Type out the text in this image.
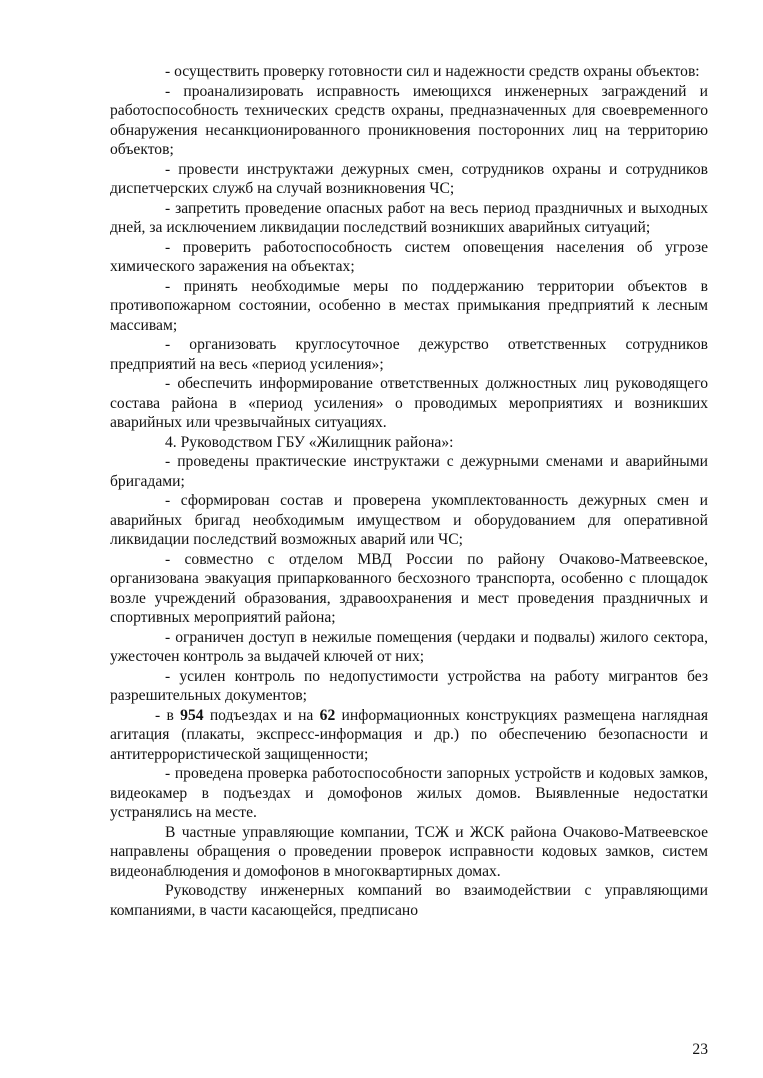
- осуществить проверку готовности сил и надежности средств охраны объектов:

- проанализировать исправность имеющихся инженерных заграждений и работоспособность технических средств охраны, предназначенных для своевременного обнаружения несанкционированного проникновения посторонних лиц на территорию объектов;

- провести инструктажи дежурных смен, сотрудников охраны и сотрудников диспетчерских служб на случай возникновения ЧС;

- запретить проведение опасных работ на весь период праздничных и выходных дней, за исключением ликвидации последствий возникших аварийных ситуаций;

- проверить работоспособность систем оповещения населения об угрозе химического заражения на объектах;

- принять необходимые меры по поддержанию территории объектов в противопожарном состоянии, особенно в местах примыкания предприятий к лесным массивам;

- организовать круглосуточное дежурство ответственных сотрудников предприятий на весь «период усиления»;

- обеспечить информирование ответственных должностных лиц руководящего состава района в «период усиления» о проводимых мероприятиях и возникших аварийных или чрезвычайных ситуациях.

4. Руководством ГБУ «Жилищник района»:

- проведены практические инструктажи с дежурными сменами и аварийными бригадами;

- сформирован состав и проверена укомплектованность дежурных смен и аварийных бригад необходимым имуществом и оборудованием для оперативной ликвидации последствий возможных аварий или ЧС;

- совместно с отделом МВД России по району Очаково-Матвеевское, организована эвакуация припаркованного бесхозного транспорта, особенно с площадок возле учреждений образования, здравоохранения и мест проведения праздничных и спортивных мероприятий района;

- ограничен доступ в нежилые помещения (чердаки и подвалы) жилого сектора, ужесточен контроль за выдачей ключей от них;

- усилен контроль по недопустимости устройства на работу мигрантов без разрешительных документов;

- в 954 подъездах и на 62 информационных конструкциях размещена наглядная агитация (плакаты, экспресс-информация и др.) по обеспечению безопасности и антитеррористической защищенности;

- проведена проверка работоспособности запорных устройств и кодовых замков, видеокамер в подъездах и домофонов жилых домов. Выявленные недостатки устранялись на месте.

В частные управляющие компании, ТСЖ и ЖСК района Очаково-Матвеевское направлены обращения о проведении проверок исправности кодовых замков, систем видеонаблюдения и домофонов в многоквартирных домах.

Руководству инженерных компаний во взаимодействии с управляющими компаниями, в части касающейся, предписано

23
